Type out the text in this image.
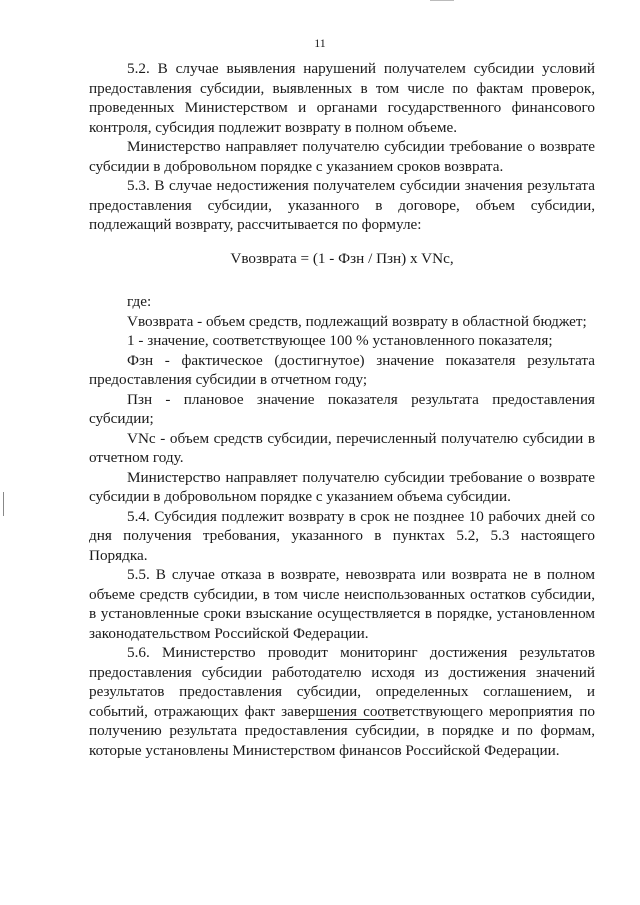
11

5.2. В случае выявления нарушений получателем субсидии условий предоставления субсидии, выявленных в том числе по фактам проверок, проведенных Министерством и органами государственного финансового контроля, субсидия подлежит возврату в полном объеме.

Министерство направляет получателю субсидии требование о возврате субсидии в добровольном порядке с указанием сроков возврата.

5.3. В случае недостижения получателем субсидии значения результата предоставления субсидии, указанного в договоре, объем субсидии, подлежащий возврату, рассчитывается по формуле:

Vвозврата = (1 - Фзн / Пзн) x VNс,

где:

Vвозврата - объем средств, подлежащий возврату в областной бюджет;

1 - значение, соответствующее 100 % установленного показателя;

Фзн - фактическое (достигнутое) значение показателя результата предоставления субсидии в отчетном году;

Пзн - плановое значение показателя результата предоставления субсидии;

VNс - объем средств субсидии, перечисленный получателю субсидии в отчетном году.

Министерство направляет получателю субсидии требование о возврате субсидии в добровольном порядке с указанием объема субсидии.

5.4. Субсидия подлежит возврату в срок не позднее 10 рабочих дней со дня получения требования, указанного в пунктах 5.2, 5.3 настоящего Порядка.

5.5. В случае отказа в возврате, невозврата или возврата не в полном объеме средств субсидии, в том числе неиспользованных остатков субсидии, в установленные сроки взыскание осуществляется в порядке, установленном законодательством Российской Федерации.

5.6. Министерство проводит мониторинг достижения результатов предоставления субсидии работодателю исходя из достижения значений результатов предоставления субсидии, определенных соглашением, и событий, отражающих факт завершения соответствующего мероприятия по получению результата предоставления субсидии, в порядке и по формам, которые установлены Министерством финансов Российской Федерации.
